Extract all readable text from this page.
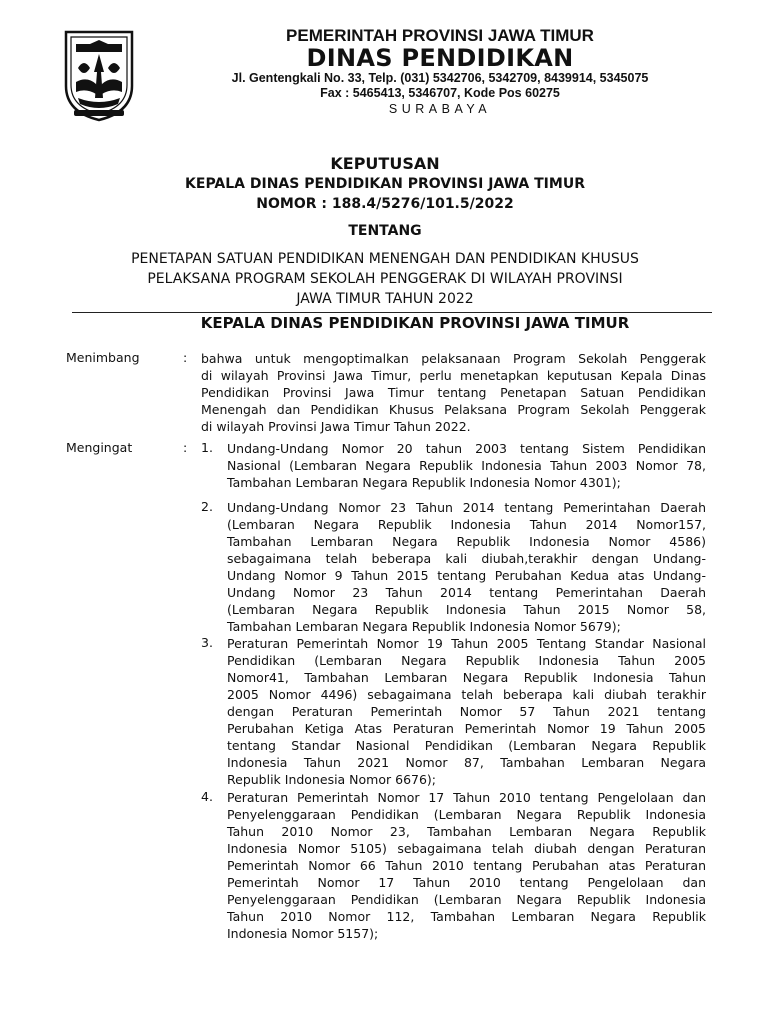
PEMERINTAH PROVINSI JAWA TIMUR
DINAS PENDIDIKAN
Jl. Gentengkali No. 33, Telp. (031) 5342706, 5342709, 8439914, 5345075
Fax : 5465413, 5346707, Kode Pos 60275
SURABAYA
KEPUTUSAN
KEPALA DINAS PENDIDIKAN PROVINSI JAWA TIMUR
NOMOR : 188.4/5276/101.5/2022
TENTANG
PENETAPAN SATUAN PENDIDIKAN MENENGAH DAN PENDIDIKAN KHUSUS
PELAKSANA PROGRAM SEKOLAH PENGGERAK DI WILAYAH PROVINSI
JAWA TIMUR TAHUN 2022
KEPALA DINAS PENDIDIKAN PROVINSI JAWA TIMUR
Menimbang	: bahwa untuk mengoptimalkan pelaksanaan Program Sekolah Penggerak
di wilayah Provinsi Jawa Timur, perlu menetapkan keputusan Kepala Dinas
Pendidikan Provinsi Jawa Timur tentang Penetapan Satuan Pendidikan
Menengah dan Pendidikan Khusus Pelaksana Program Sekolah Penggerak
di wilayah Provinsi Jawa Timur Tahun 2022.
Mengingat	: 1. Undang-Undang Nomor 20 tahun 2003 tentang Sistem Pendidikan
Nasional (Lembaran Negara Republik Indonesia Tahun 2003 Nomor 78,
Tambahan Lembaran Negara Republik Indonesia Nomor 4301);
2. Undang-Undang Nomor 23 Tahun 2014 tentang Pemerintahan Daerah
(Lembaran Negara Republik Indonesia Tahun 2014 Nomor157,
Tambahan Lembaran Negara Republik Indonesia Nomor 4586)
sebagaimana telah beberapa kali diubah,terakhir dengan Undang-
Undang Nomor 9 Tahun 2015 tentang Perubahan Kedua atas Undang-
Undang Nomor 23 Tahun 2014 tentang Pemerintahan Daerah
(Lembaran Negara Republik Indonesia Tahun 2015 Nomor 58,
Tambahan Lembaran Negara Republik Indonesia Nomor 5679);
3. Peraturan Pemerintah Nomor 19 Tahun 2005 Tentang Standar Nasional
Pendidikan (Lembaran Negara Republik Indonesia Tahun 2005
Nomor41, Tambahan Lembaran Negara Republik Indonesia Tahun
2005 Nomor 4496) sebagaimana telah beberapa kali diubah terakhir
dengan Peraturan Pemerintah Nomor 57 Tahun 2021 tentang
Perubahan Ketiga Atas Peraturan Pemerintah Nomor 19 Tahun 2005
tentang Standar Nasional Pendidikan (Lembaran Negara Republik
Indonesia Tahun 2021 Nomor 87, Tambahan Lembaran Negara
Republik Indonesia Nomor 6676);
4. Peraturan Pemerintah Nomor 17 Tahun 2010 tentang Pengelolaan dan
Penyelenggaraan Pendidikan (Lembaran Negara Republik Indonesia
Tahun 2010 Nomor 23, Tambahan Lembaran Negara Republik
Indonesia Nomor 5105) sebagaimana telah diubah dengan Peraturan
Pemerintah Nomor 66 Tahun 2010 tentang Perubahan atas Peraturan
Pemerintah Nomor 17 Tahun 2010 tentang Pengelolaan dan
Penyelenggaraan Pendidikan (Lembaran Negara Republik Indonesia
Tahun 2010 Nomor 112, Tambahan Lembaran Negara Republik
Indonesia Nomor 5157);
